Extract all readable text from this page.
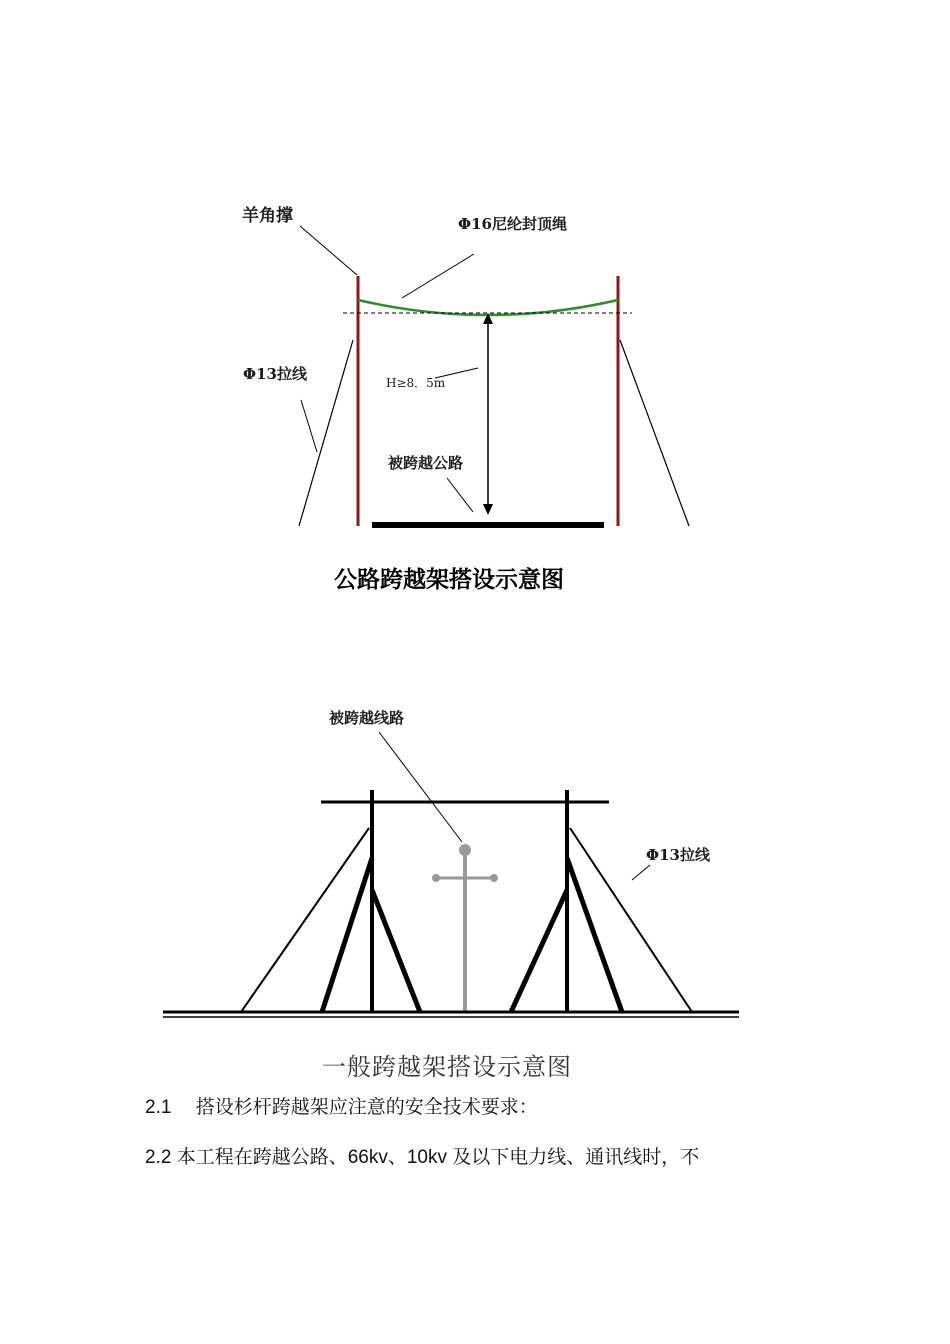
羊角撑	Φ16尼纶封顶绳
Φ13拉线	H≥8．5m
被跨越公路
公路跨越架搭设示意图
被跨越线路
Φ13拉线
一般跨越架搭设示意图
2.1　 搭设杉杆跨越架应注意的安全技术要求：
2.2 本工程在跨越公路、66kv、10kv 及以下电力线、通讯线时，不
